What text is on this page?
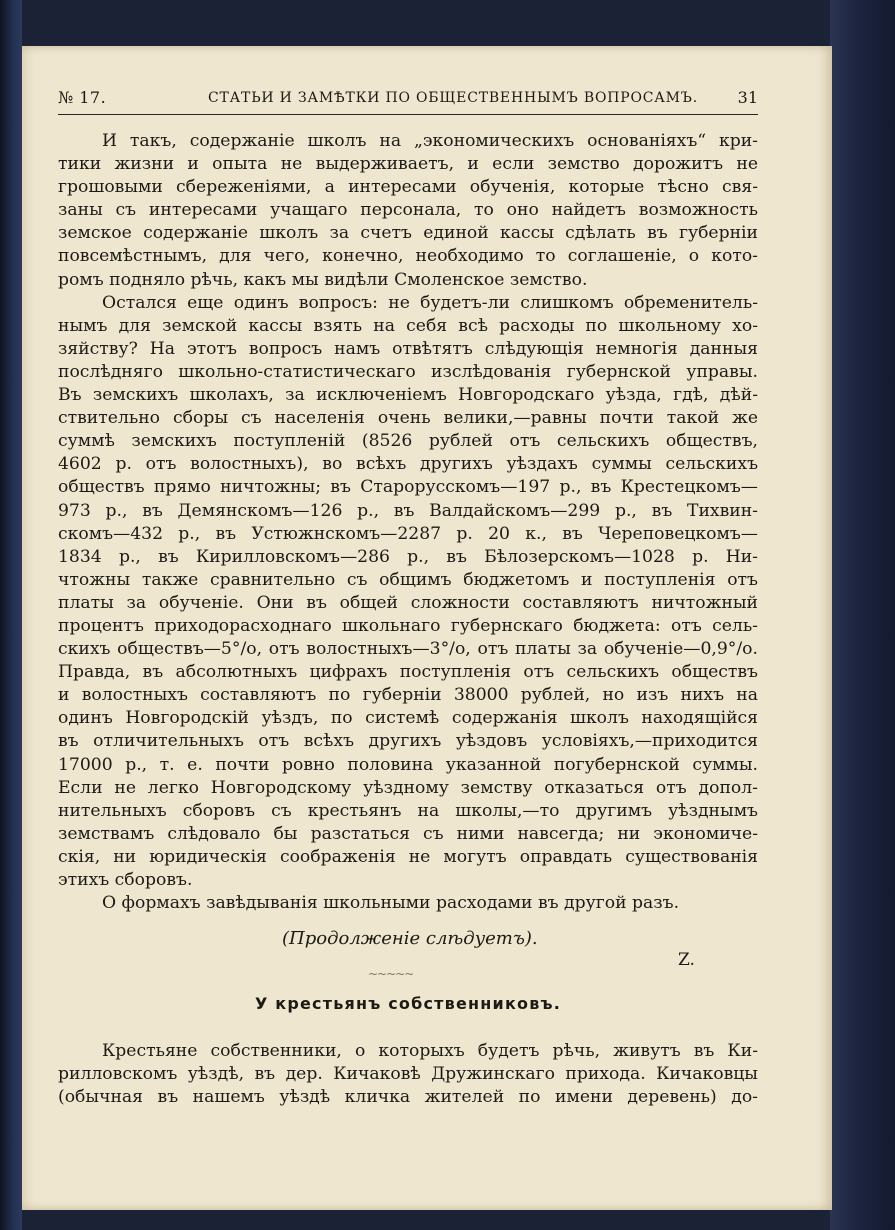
№ 17.	СТАТЬИ И ЗАМѢТКИ ПО ОБЩЕСТВЕННЫМЪ ВОПРОСАМЪ. 31

И такъ, содержаніе школъ на „экономическихъ основаніяхъ“ кри-

тики жизни и опыта не выдерживаетъ, и если земство дорожитъ не

грошовыми сбереженіями, а интересами обученія, которые тѣсно свя-

заны съ интересами учащаго персонала, то оно найдетъ возможность

земское содержаніе школъ за счетъ единой кассы сдѣлать въ губерніи

повсемѣстнымъ, для чего, конечно, необходимо то соглашеніе, о кото-

ромъ подняло рѣчь, какъ мы видѣли Смоленское земство.

Остался еще одинъ вопросъ: не будетъ-ли слишкомъ обременитель-

нымъ для земской кассы взять на себя всѣ расходы по школьному хо-

зяйству? На этотъ вопросъ намъ отвѣтятъ слѣдующія немногія данныя

послѣдняго школьно-статистическаго изслѣдованія губернской управы.

Въ земскихъ школахъ, за исключеніемъ Новгородскаго уѣзда, гдѣ, дѣй-

ствительно сборы съ населенія очень велики,—равны почти такой же

суммѣ земскихъ поступленій (8526 рублей отъ сельскихъ обществъ,

4602 р. отъ волостныхъ), во всѣхъ другихъ уѣздахъ суммы сельскихъ

обществъ прямо ничтожны; въ Старорусскомъ—197 р., въ Крестецкомъ—

973 р., въ Демянскомъ—126 р., въ Валдайскомъ—299 р., въ Тихвин-

скомъ—432 р., въ Устюжнскомъ—2287 р. 20 к., въ Череповецкомъ—

1834 р., въ Кирилловскомъ—286 р., въ Бѣлозерскомъ—1028 р. Ни-

чтожны также сравнительно съ общимъ бюджетомъ и поступленія отъ

платы за обученіе. Они въ общей сложности составляютъ ничтожный

процентъ приходорасходнаго школьнаго губернскаго бюджета: отъ сель-

скихъ обществъ—5°/о, отъ волостныхъ—3°/о, отъ платы за обученіе—0,9°/о.

Правда, въ абсолютныхъ цифрахъ поступленія отъ сельскихъ обществъ

и волостныхъ составляютъ по губерніи 38000 рублей, но изъ нихъ на

одинъ Новгородскій уѣздъ, по системѣ содержанія школъ находящійся

въ отличительныхъ отъ всѣхъ другихъ уѣздовъ условіяхъ,—приходится

17000 р., т. е. почти ровно половина указанной погубернской суммы.

Если не легко Новгородскому уѣздному земству отказаться отъ допол-

нительныхъ сборовъ съ крестьянъ на школы,—то другимъ уѣзднымъ

земствамъ слѣдовало бы разстаться съ ними навсегда; ни экономиче-

скія, ни юридическія соображенія не могутъ оправдать существованія

этихъ сборовъ.

О формахъ завѣдыванія школьными расходами въ другой разъ.

(Продолженіе слѣдуетъ).
Z.
~~~~~
У крестьянъ собственниковъ.

Крестьяне собственники, о которыхъ будетъ рѣчь, живутъ въ Ки-

рилловскомъ уѣздѣ, въ дер. Кичаковѣ Дружинскаго прихода. Кичаковцы

(обычная въ нашемъ уѣздѣ кличка жителей по имени деревень) до-
